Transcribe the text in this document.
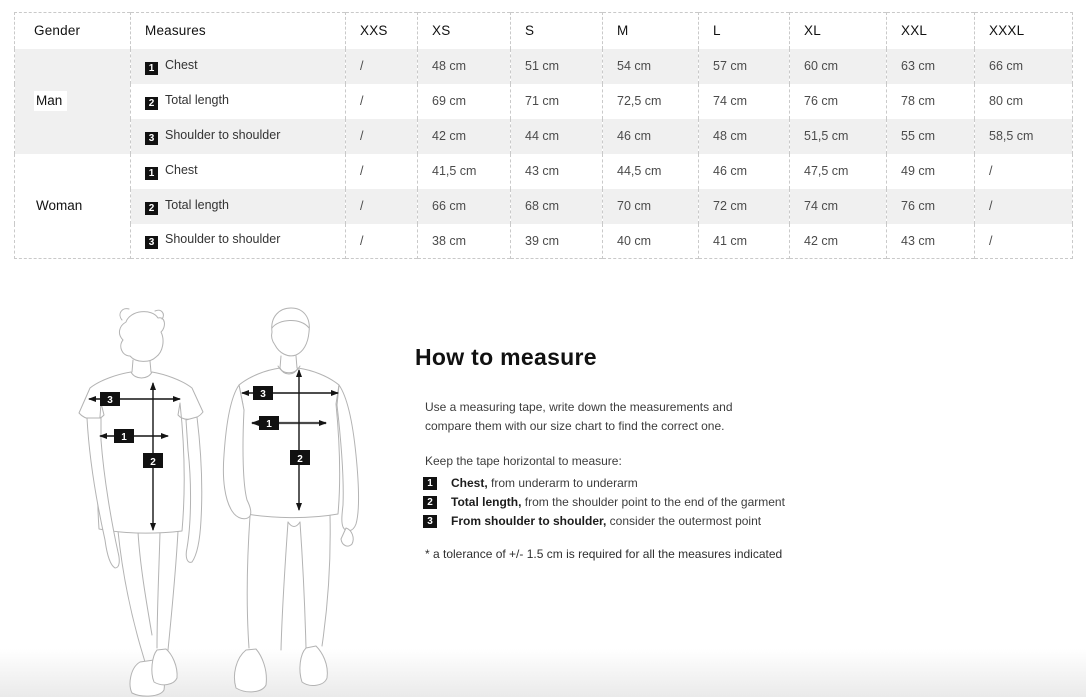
Gender	Measures	XXS	XS	S	M	L	XL	XXL	XXXL
Man	1 Chest	/	48 cm	51 cm	54 cm	57 cm	60 cm	63 cm	66 cm
	2 Total length	/	69 cm	71 cm	72,5 cm	74 cm	76 cm	78 cm	80 cm
	3 Shoulder to shoulder	/	42 cm	44 cm	46 cm	48 cm	51,5 cm	55 cm	58,5 cm
Woman	1 Chest	/	41,5 cm	43 cm	44,5 cm	46 cm	47,5 cm	49 cm	/
	2 Total length	/	66 cm	68 cm	70 cm	72 cm	74 cm	76 cm	/
	3 Shoulder to shoulder	/	38 cm	39 cm	40 cm	41 cm	42 cm	43 cm	/
3
1
2
3
1
2
How to measure

Use a measuring tape, write down the measurements and compare them with our size chart to find the correct one.

Keep the tape horizontal to measure:

1	Chest, from underarm to underarm
2	Total length, from the shoulder point to the end of the garment
3	From shoulder to shoulder, consider the outermost point

* a tolerance of +/- 1.5 cm is required for all the measures indicated
